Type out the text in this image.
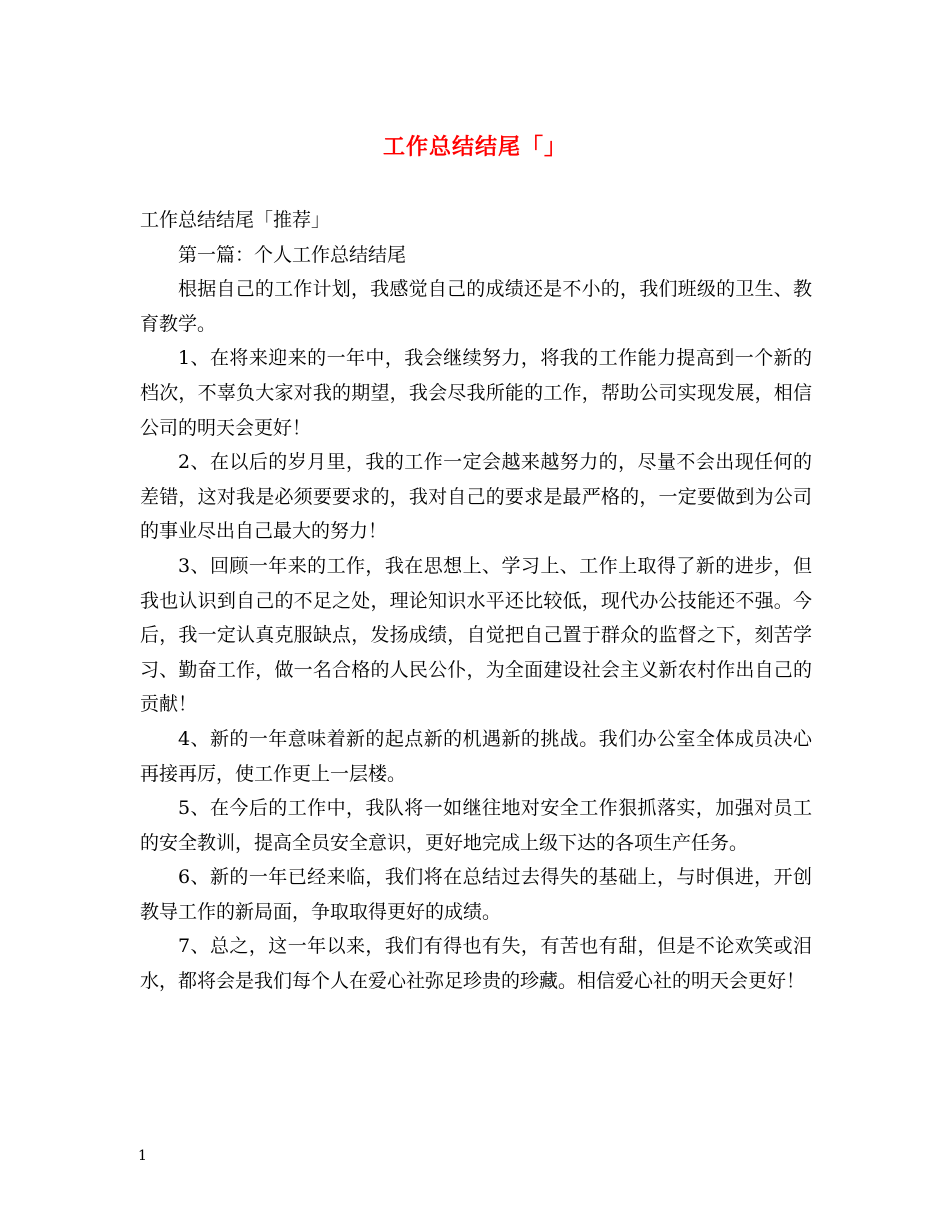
工作总结结尾「」

工作总结结尾「推荐」

第一篇：个人工作总结结尾

根据自己的工作计划，我感觉自己的成绩还是不小的，我们班级的卫生、教育教学。

1、在将来迎来的一年中，我会继续努力，将我的工作能力提高到一个新的档次，不辜负大家对我的期望，我会尽我所能的工作，帮助公司实现发展，相信公司的明天会更好！

2、在以后的岁月里，我的工作一定会越来越努力的，尽量不会出现任何的差错，这对我是必须要要求的，我对自己的要求是最严格的，一定要做到为公司的事业尽出自己最大的努力！

3、回顾一年来的工作，我在思想上、学习上、工作上取得了新的进步，但我也认识到自己的不足之处，理论知识水平还比较低，现代办公技能还不强。今后，我一定认真克服缺点，发扬成绩，自觉把自己置于群众的监督之下，刻苦学习、勤奋工作，做一名合格的人民公仆，为全面建设社会主义新农村作出自己的贡献！

4、新的一年意味着新的起点新的机遇新的挑战。我们办公室全体成员决心再接再厉，使工作更上一层楼。

5、在今后的工作中，我队将一如继往地对安全工作狠抓落实，加强对员工的安全教训，提高全员安全意识，更好地完成上级下达的各项生产任务。

6、新的一年已经来临，我们将在总结过去得失的基础上，与时俱进，开创教导工作的新局面，争取取得更好的成绩。

7、总之，这一年以来，我们有得也有失，有苦也有甜，但是不论欢笑或泪水，都将会是我们每个人在爱心社弥足珍贵的珍藏。相信爱心社的明天会更好！

1
